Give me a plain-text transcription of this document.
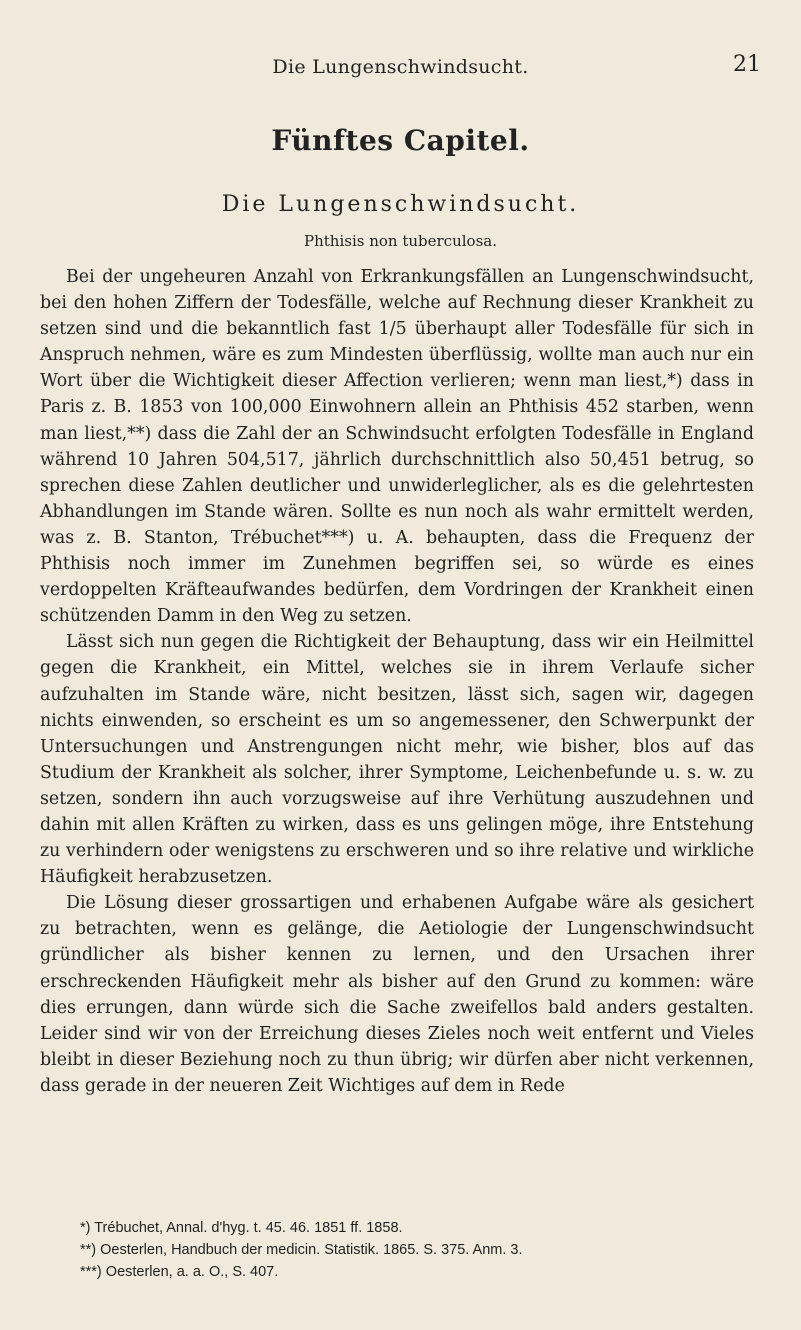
Die Lungenschwindsucht.	21
Fünftes Capitel.
Die Lungenschwindsucht.
Phthisis non tuberculosa.

Bei der ungeheuren Anzahl von Erkrankungsfällen an Lungenschwindsucht, bei den hohen Ziffern der Todesfälle, welche auf Rechnung dieser Krankheit zu setzen sind und die bekanntlich fast 1/5 überhaupt aller Todesfälle für sich in Anspruch nehmen, wäre es zum Mindesten überflüssig, wollte man auch nur ein Wort über die Wichtigkeit dieser Affection verlieren; wenn man liest,*) dass in Paris z. B. 1853 von 100,000 Einwohnern allein an Phthisis 452 starben, wenn man liest,**) dass die Zahl der an Schwindsucht erfolgten Todesfälle in England während 10 Jahren 504,517, jährlich durchschnittlich also 50,451 betrug, so sprechen diese Zahlen deutlicher und unwiderleglicher, als es die gelehrtesten Abhandlungen im Stande wären. Sollte es nun noch als wahr ermittelt werden, was z. B. Stanton, Trébuchet***) u. A. behaupten, dass die Frequenz der Phthisis noch immer im Zunehmen begriffen sei, so würde es eines verdoppelten Kräfteaufwandes bedürfen, dem Vordringen der Krankheit einen schützenden Damm in den Weg zu setzen.

Lässt sich nun gegen die Richtigkeit der Behauptung, dass wir ein Heilmittel gegen die Krankheit, ein Mittel, welches sie in ihrem Verlaufe sicher aufzuhalten im Stande wäre, nicht besitzen, lässt sich, sagen wir, dagegen nichts einwenden, so erscheint es um so angemessener, den Schwerpunkt der Untersuchungen und Anstrengungen nicht mehr, wie bisher, blos auf das Studium der Krankheit als solcher, ihrer Symptome, Leichenbefunde u. s. w. zu setzen, sondern ihn auch vorzugsweise auf ihre Verhütung auszudehnen und dahin mit allen Kräften zu wirken, dass es uns gelingen möge, ihre Entstehung zu verhindern oder wenigstens zu erschweren und so ihre relative und wirkliche Häufigkeit herabzusetzen.

Die Lösung dieser grossartigen und erhabenen Aufgabe wäre als gesichert zu betrachten, wenn es gelänge, die Aetiologie der Lungenschwindsucht gründlicher als bisher kennen zu lernen, und den Ursachen ihrer erschreckenden Häufigkeit mehr als bisher auf den Grund zu kommen: wäre dies errungen, dann würde sich die Sache zweifellos bald anders gestalten. Leider sind wir von der Erreichung dieses Zieles noch weit entfernt und Vieles bleibt in dieser Beziehung noch zu thun übrig; wir dürfen aber nicht verkennen, dass gerade in der neueren Zeit Wichtiges auf dem in Rede

*) Trébuchet, Annal. d'hyg. t. 45. 46. 1851 ff. 1858.
**) Oesterlen, Handbuch der medicin. Statistik. 1865. S. 375. Anm. 3.
***) Oesterlen, a. a. O., S. 407.
